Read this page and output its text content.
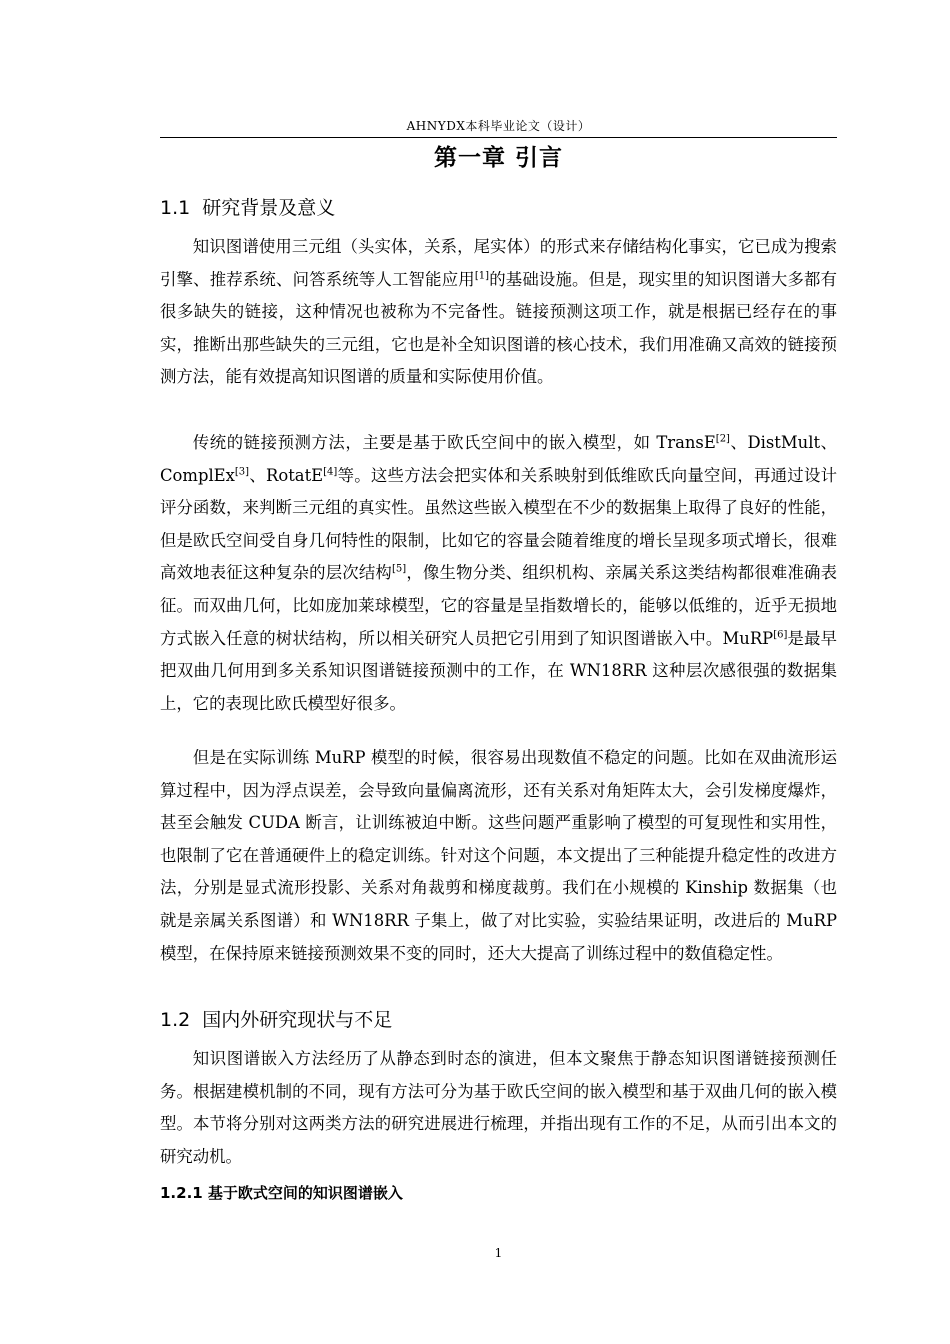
AHNYDX本科毕业论文（设计）
第一章 引言
1.1 研究背景及意义

知识图谱使用三元组（头实体，关系，尾实体）的形式来存储结构化事实，它已成为搜索引擎、推荐系统、问答系统等人工智能应用[1]的基础设施。但是，现实里的知识图谱大多都有很多缺失的链接，这种情况也被称为不完备性。链接预测这项工作，就是根据已经存在的事实，推断出那些缺失的三元组，它也是补全知识图谱的核心技术，我们用准确又高效的链接预测方法，能有效提高知识图谱的质量和实际使用价值。

传统的链接预测方法，主要是基于欧氏空间中的嵌入模型，如 TransE[2]、DistMult、ComplEx[3]、RotatE[4]等。这些方法会把实体和关系映射到低维欧氏向量空间，再通过设计评分函数，来判断三元组的真实性。虽然这些嵌入模型在不少的数据集上取得了良好的性能，但是欧氏空间受自身几何特性的限制，比如它的容量会随着维度的增长呈现多项式增长，很难高效地表征这种复杂的层次结构[5]，像生物分类、组织机构、亲属关系这类结构都很难准确表征。而双曲几何，比如庞加莱球模型，它的容量是呈指数增长的，能够以低维的，近乎无损地方式嵌入任意的树状结构，所以相关研究人员把它引用到了知识图谱嵌入中。MuRP[6]是最早把双曲几何用到多关系知识图谱链接预测中的工作，在 WN18RR 这种层次感很强的数据集上，它的表现比欧氏模型好很多。

但是在实际训练 MuRP 模型的时候，很容易出现数值不稳定的问题。比如在双曲流形运算过程中，因为浮点误差，会导致向量偏离流形，还有关系对角矩阵太大，会引发梯度爆炸，甚至会触发 CUDA 断言，让训练被迫中断。这些问题严重影响了模型的可复现性和实用性，也限制了它在普通硬件上的稳定训练。针对这个问题，本文提出了三种能提升稳定性的改进方法，分别是显式流形投影、关系对角裁剪和梯度裁剪。我们在小规模的 Kinship 数据集（也就是亲属关系图谱）和 WN18RR 子集上，做了对比实验，实验结果证明，改进后的 MuRP 模型，在保持原来链接预测效果不变的同时，还大大提高了训练过程中的数值稳定性。

1.2 国内外研究现状与不足

知识图谱嵌入方法经历了从静态到时态的演进，但本文聚焦于静态知识图谱链接预测任务。根据建模机制的不同，现有方法可分为基于欧氏空间的嵌入模型和基于双曲几何的嵌入模型。本节将分别对这两类方法的研究进展进行梳理，并指出现有工作的不足，从而引出本文的研究动机。

1.2.1 基于欧式空间的知识图谱嵌入
1
